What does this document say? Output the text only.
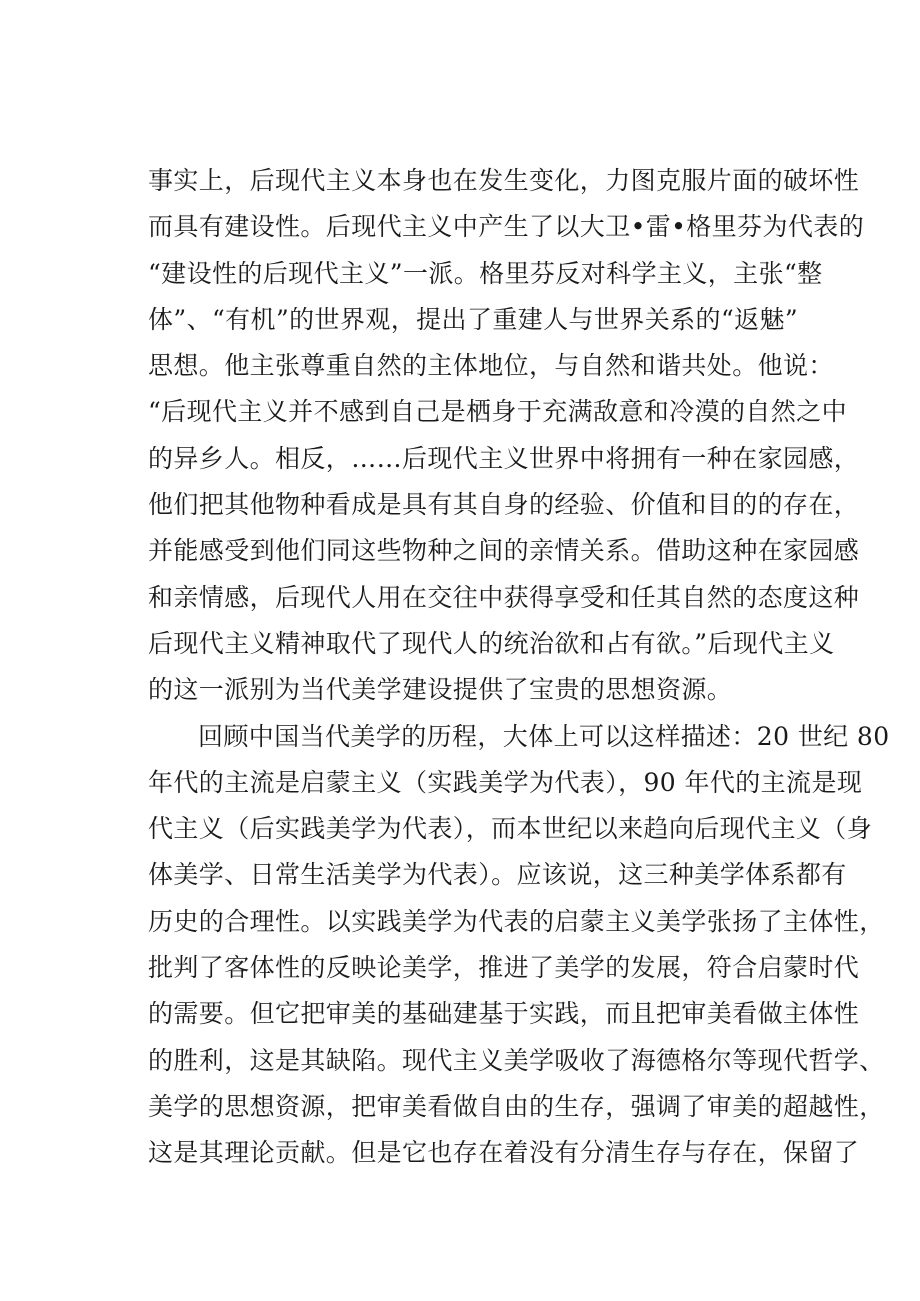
事实上，后现代主义本身也在发生变化，力图克服片面的破坏性
而具有建设性。后现代主义中产生了以大卫•雷•格里芬为代表的
“建设性的后现代主义”一派。格里芬反对科学主义，主张“整
体”、“有机”的世界观，提出了重建人与世界关系的“返魅”
思想。他主张尊重自然的主体地位，与自然和谐共处。他说：
“后现代主义并不感到自己是栖身于充满敌意和冷漠的自然之中
的异乡人。相反，……后现代主义世界中将拥有一种在家园感，
他们把其他物种看成是具有其自身的经验、价值和目的的存在，
并能感受到他们同这些物种之间的亲情关系。借助这种在家园感
和亲情感，后现代人用在交往中获得享受和任其自然的态度这种
后现代主义精神取代了现代人的统治欲和占有欲。”后现代主义
的这一派别为当代美学建设提供了宝贵的思想资源。
回顾中国当代美学的历程，大体上可以这样描述：20 世纪 80
年代的主流是启蒙主义（实践美学为代表），90 年代的主流是现
代主义（后实践美学为代表），而本世纪以来趋向后现代主义（身
体美学、日常生活美学为代表）。应该说，这三种美学体系都有
历史的合理性。以实践美学为代表的启蒙主义美学张扬了主体性，
批判了客体性的反映论美学，推进了美学的发展，符合启蒙时代
的需要。但它把审美的基础建基于实践，而且把审美看做主体性
的胜利，这是其缺陷。现代主义美学吸收了海德格尔等现代哲学、
美学的思想资源，把审美看做自由的生存，强调了审美的超越性，
这是其理论贡献。但是它也存在着没有分清生存与存在，保留了
